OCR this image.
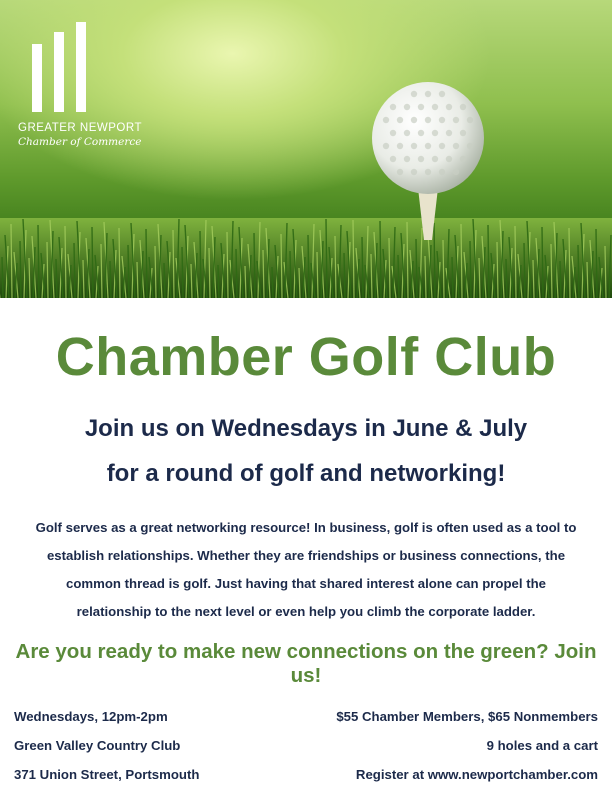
GREATER NEWPORT
Chamber of Commerce
Chamber Golf Club
Join us on Wednesdays in June & July
for a round of golf and networking!
Golf serves as a great networking resource! In business, golf is often used as a tool to establish relationships. Whether they are friendships or business connections, the common thread is golf. Just having that shared interest alone can propel the relationship to the next level or even help you climb the corporate ladder.
Are you ready to make new connections on the green? Join us!
Wednesdays, 12pm-2pm
Green Valley Country Club
371 Union Street, Portsmouth
$55 Chamber Members, $65 Nonmembers
9 holes and a cart
Register at www.newportchamber.com
